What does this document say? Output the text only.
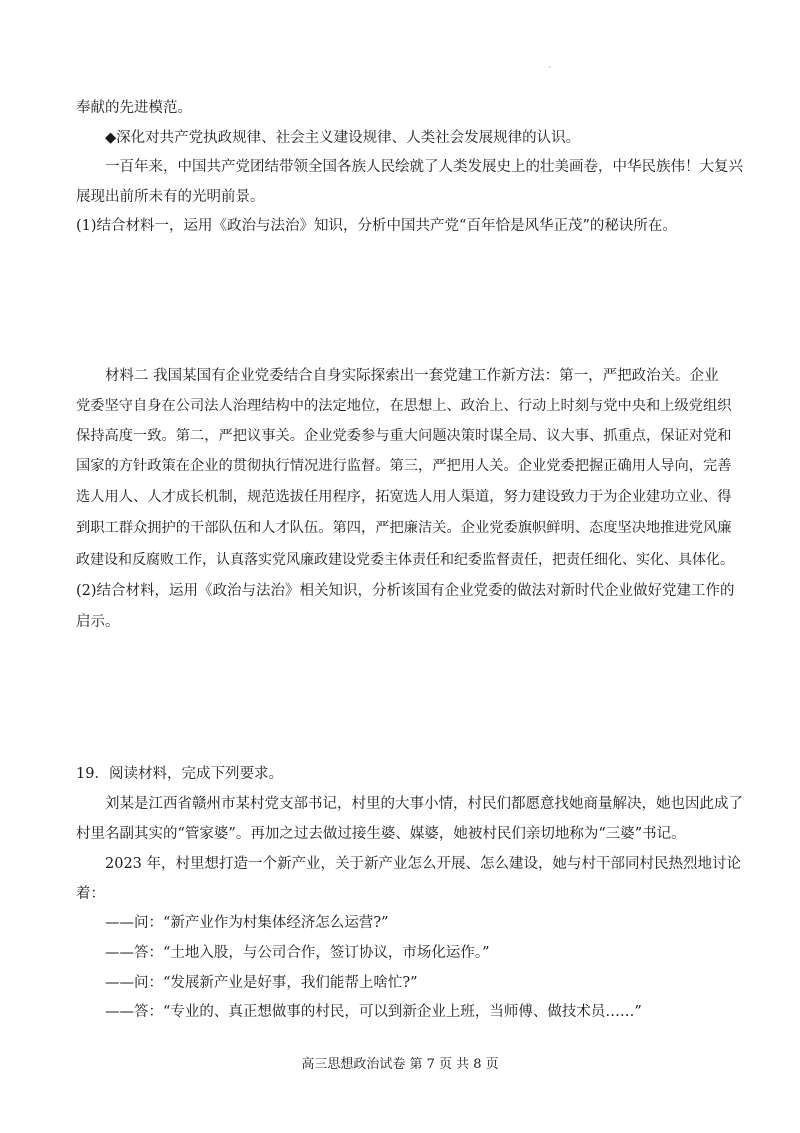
`
奉献的先进模范。
◆深化对共产党执政规律、社会主义建设规律、人类社会发展规律的认识。
一百年来，中国共产党团结带领全国各族人民绘就了人类发展史上的壮美画卷，中华民族伟！大复兴
展现出前所未有的光明前景。
(1)结合材料一，运用《政治与法治》知识，分析中国共产党“百年恰是风华正茂”的秘诀所在。
材料二 我国某国有企业党委结合自身实际探索出一套党建工作新方法：第一，严把政治关。企业
党委坚守自身在公司法人治理结构中的法定地位，在思想上、政治上、行动上时刻与党中央和上级党组织
保持高度一致。第二，严把议事关。企业党委参与重大问题决策时谋全局、议大事、抓重点，保证对党和
国家的方针政策在企业的贯彻执行情况进行监督。第三，严把用人关。企业党委把握正确用人导向，完善
选人用人、人才成长机制，规范选拔任用程序，拓宽选人用人渠道，努力建设致力于为企业建功立业、得
到职工群众拥护的干部队伍和人才队伍。第四，严把廉洁关。企业党委旗帜鲜明、态度坚决地推进党风廉
政建设和反腐败工作，认真落实党风廉政建设党委主体责任和纪委监督责任，把责任细化、实化、具体化。
(2)结合材料，运用《政治与法治》相关知识，分析该国有企业党委的做法对新时代企业做好党建工作的
启示。
19．阅读材料，完成下列要求。
刘某是江西省赣州市某村党支部书记，村里的大事小情，村民们都愿意找她商量解决，她也因此成了
村里名副其实的“管家婆”。再加之过去做过接生婆、媒婆，她被村民们亲切地称为“三婆”书记。
2023 年，村里想打造一个新产业，关于新产业怎么开展、怎么建设，她与村干部同村民热烈地讨论
着：
——问：“新产业作为村集体经济怎么运营?”
——答：“土地入股，与公司合作，签订协议，市场化运作。”
——问：“发展新产业是好事，我们能帮上啥忙?”
——答：“专业的、真正想做事的村民，可以到新企业上班，当师傅、做技术员……”
高三思想政治试卷 第 7 页 共 8 页
